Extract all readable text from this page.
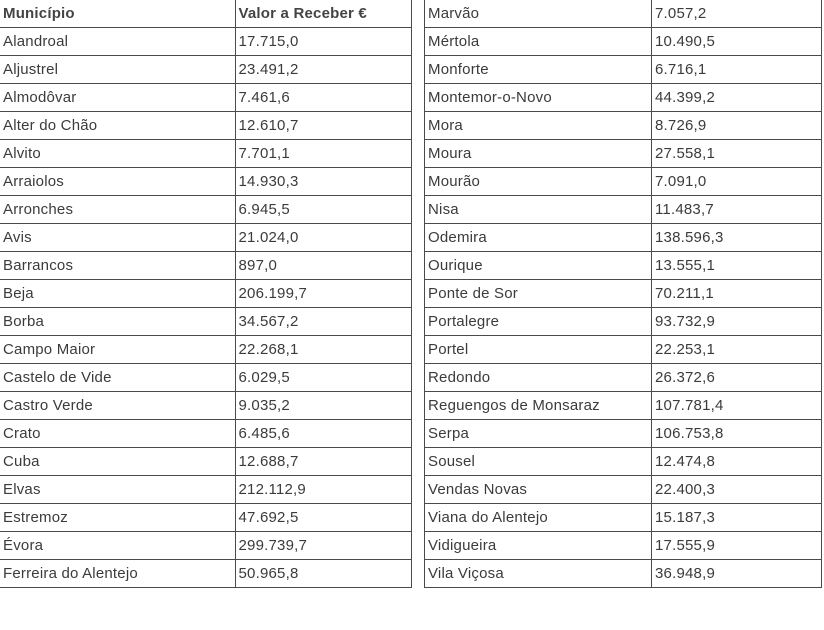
Município	Valor a Receber €
Alandroal	17.715,0
Aljustrel	23.491,2
Almodôvar	7.461,6
Alter do Chão	12.610,7
Alvito	7.701,1
Arraiolos	14.930,3
Arronches	6.945,5
Avis	21.024,0
Barrancos	897,0
Beja	206.199,7
Borba	34.567,2
Campo Maior	22.268,1
Castelo de Vide	6.029,5
Castro Verde	9.035,2
Crato	6.485,6
Cuba	12.688,7
Elvas	212.112,9
Estremoz	47.692,5
Évora	299.739,7
Ferreira do Alentejo	50.965,8
Marvão	7.057,2
Mértola	10.490,5
Monforte	6.716,1
Montemor-o-Novo	44.399,2
Mora	8.726,9
Moura	27.558,1
Mourão	7.091,0
Nisa	11.483,7
Odemira	138.596,3
Ourique	13.555,1
Ponte de Sor	70.211,1
Portalegre	93.732,9
Portel	22.253,1
Redondo	26.372,6
Reguengos de Monsaraz	107.781,4
Serpa	106.753,8
Sousel	12.474,8
Vendas Novas	22.400,3
Viana do Alentejo	15.187,3
Vidigueira	17.555,9
Vila Viçosa	36.948,9
